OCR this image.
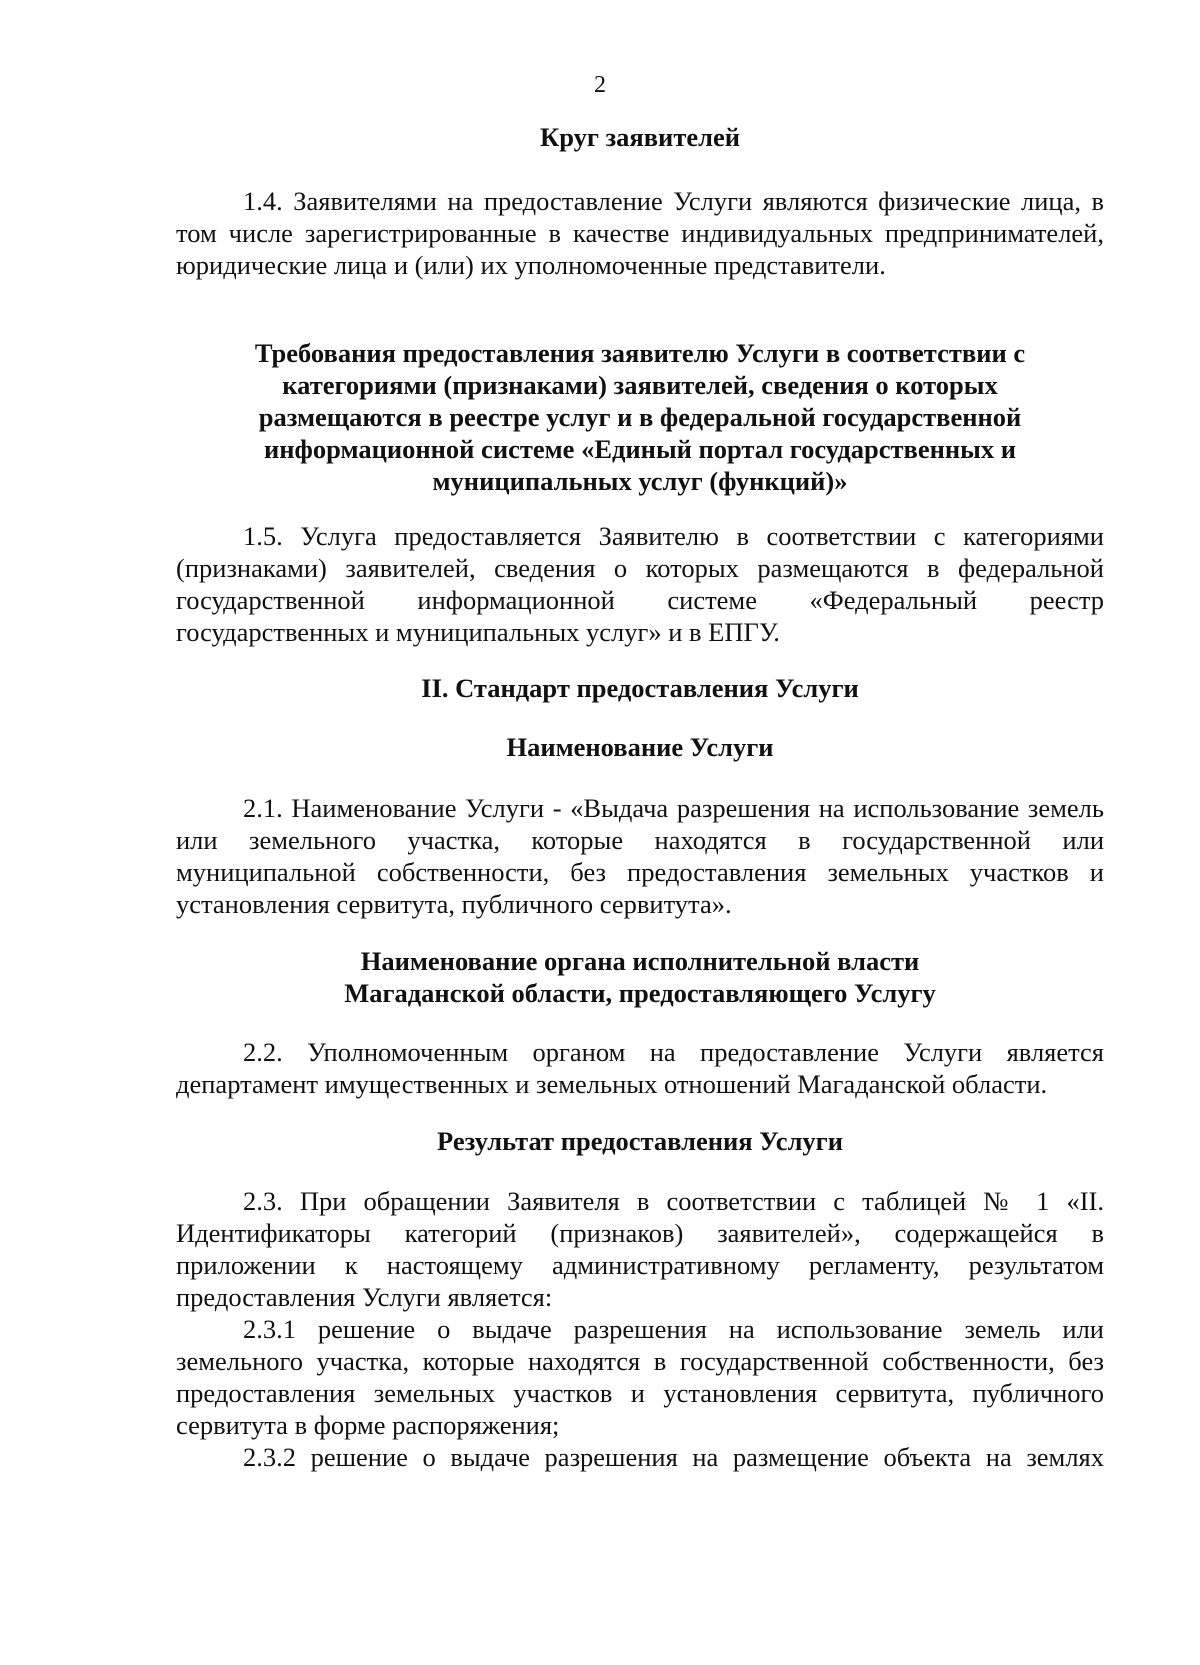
2

Круг заявителей

1.4. Заявителями на предоставление Услуги являются физические лица, в том числе зарегистрированные в качестве индивидуальных предпринимателей, юридические лица и (или) их уполномоченные представители.

Требования предоставления заявителю Услуги в соответствии с

категориями (признаками) заявителей, сведения о которых

размещаются в реестре услуг и в федеральной государственной

информационной системе «Единый портал государственных и

муниципальных услуг (функций)»

1.5. Услуга предоставляется Заявителю в соответствии с категориями (признаками) заявителей, сведения о которых размещаются в федеральной государственной информационной системе «Федеральный реестр государственных и муниципальных услуг» и в ЕПГУ.

II. Стандарт предоставления Услуги

Наименование Услуги

2.1. Наименование Услуги - «Выдача разрешения на использование земель или земельного участка, которые находятся в государственной или муниципальной собственности, без предоставления земельных участков и установления сервитута, публичного сервитута».

Наименование органа исполнительной власти

Магаданской области, предоставляющего Услугу

2.2. Уполномоченным органом на предоставление Услуги является департамент имущественных и земельных отношений Магаданской области.

Результат предоставления Услуги

2.3. При обращении Заявителя в соответствии с таблицей № 1 «II. Идентификаторы категорий (признаков) заявителей», содержащейся в приложении к настоящему административному регламенту, результатом предоставления Услуги является:

2.3.1 решение о выдаче разрешения на использование земель или земельного участка, которые находятся в государственной собственности, без предоставления земельных участков и установления сервитута, публичного сервитута в форме распоряжения;

2.3.2 решение о выдаче разрешения на размещение объекта на землях
